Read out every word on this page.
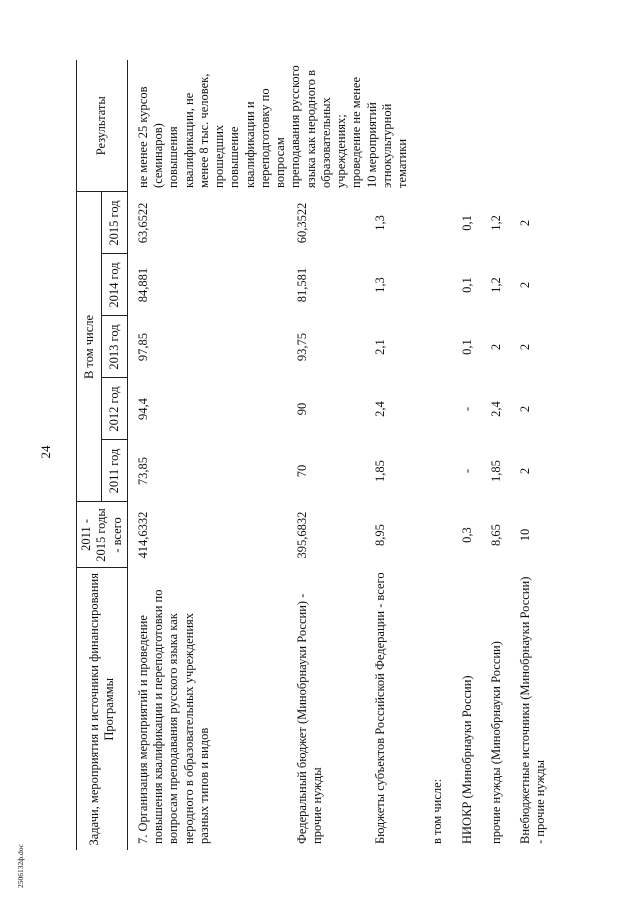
24
2506132ф.doc
Задачи, мероприятия и источники финансирования Программы	2011 - 2015 годы - всего	В том числе					Результаты
		2011 год	2012 год	2013 год	2014 год	2015 год	
7. Организация мероприятий и проведение повышения квалификации и переподготовки по вопросам преподавания русского языка как неродного в образовательных учреждениях разных типов и видов	414,6332	73,85	94,4	97,85	84,881	63,6522	не менее 25 курсов (семинаров) повышения квалификации, не менее 8 тыс. человек, прошедших повышение квалификации и переподготовку по вопросам преподавания русского языка как неродного в образовательных учреждениях; проведение не менее 10 мероприятий этнокультурной тематики
Федеральный бюджет (Минобрнауки России) - прочие нужды	395,6832	70	90	93,75	81,581	60,3522	
Бюджеты субъектов Российской Федерации - всего	8,95	1,85	2,4	2,1	1,3	1,3	
в том числе:							
НИОКР (Минобрнауки России)	0,3	-	-	0,1	0,1	0,1	
прочие нужды (Минобрнауки России)	8,65	1,85	2,4	2	1,2	1,2	
Внебюджетные источники (Минобрнауки России) - прочие нужды	10	2	2	2	2	2	
